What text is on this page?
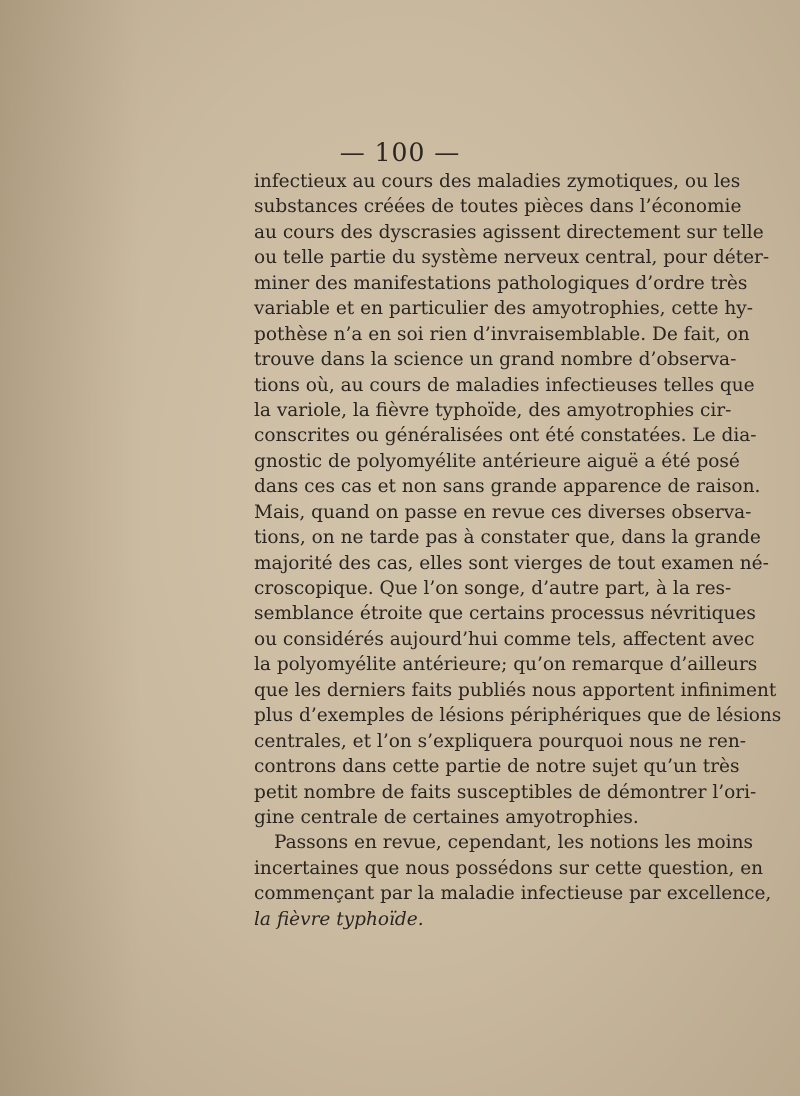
— 100 —
infectieux au cours des maladies zymotiques, ou les
substances créées de toutes pièces dans l’économie
au cours des dyscrasies agissent directement sur telle
ou telle partie du système nerveux central, pour déter-
miner des manifestations pathologiques d’ordre très
variable et en particulier des amyotrophies, cette hy-
pothèse n’a en soi rien d’invraisemblable. De fait, on
trouve dans la science un grand nombre d’observa-
tions où, au cours de maladies infectieuses telles que
la variole, la fièvre typhoïde, des amyotrophies cir-
conscrites ou généralisées ont été constatées. Le dia-
gnostic de polyomyélite antérieure aiguë a été posé
dans ces cas et non sans grande apparence de raison.
Mais, quand on passe en revue ces diverses observa-
tions, on ne tarde pas à constater que, dans la grande
majorité des cas, elles sont vierges de tout examen né-
croscopique. Que l’on songe, d’autre part, à la res-
semblance étroite que certains processus névritiques
ou considérés aujourd’hui comme tels, affectent avec
la polyomyélite antérieure; qu’on remarque d’ailleurs
que les derniers faits publiés nous apportent infiniment
plus d’exemples de lésions périphériques que de lésions
centrales, et l’on s’expliquera pourquoi nous ne ren-
controns dans cette partie de notre sujet qu’un très
petit nombre de faits susceptibles de démontrer l’ori-
gine centrale de certaines amyotrophies.
Passons en revue, cependant, les notions les moins
incertaines que nous possédons sur cette question, en
commençant par la maladie infectieuse par excellence,
la fièvre typhoïde.
